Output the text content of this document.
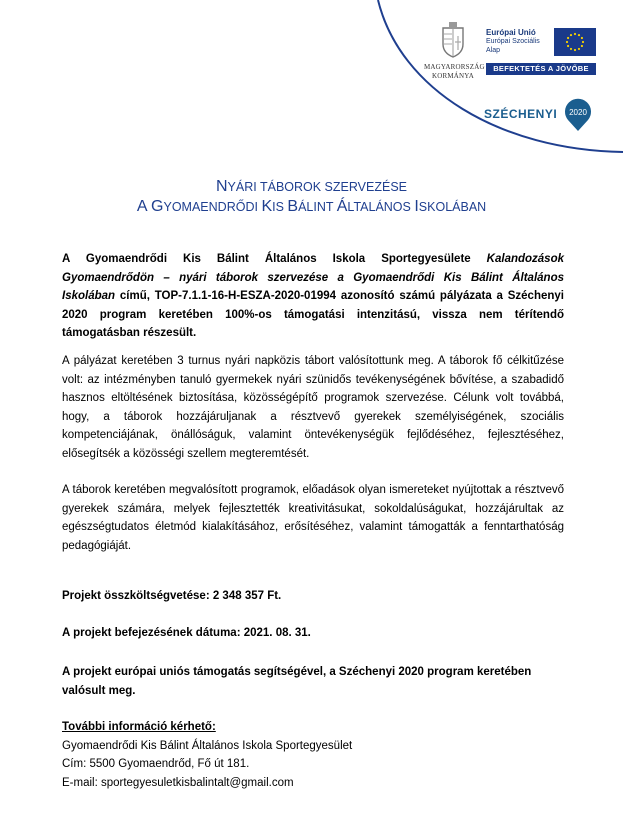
MAGYARORSZÁG
KORMÁNYA
Európai Unió
Európai Szociális
Alap
BEFEKTETÉS A JÖVŐBE
SZÉCHENYI 2020
NYÁRI TÁBOROK SZERVEZÉSE
A GYOMAENDRŐDI KIS BÁLINT ÁLTALÁNOS ISKOLÁBAN
A Gyomaendrődi Kis Bálint Általános Iskola Sportegyesülete Kalandozások Gyomaendrődön – nyári táborok szervezése a Gyomaendrődi Kis Bálint Általános Iskolában című, TOP-7.1.1-16-H-ESZA-2020-01994 azonosító számú pályázata a Széchenyi 2020 program keretében 100%-os támogatási intenzitású, vissza nem térítendő támogatásban részesült.
A pályázat keretében 3 turnus nyári napközis tábort valósítottunk meg. A táborok fő célkitűzése volt: az intézményben tanuló gyermekek nyári szünidős tevékenységének bővítése, a szabadidő hasznos eltöltésének biztosítása, közösségépítő programok szervezése. Célunk volt továbbá, hogy, a táborok hozzájáruljanak a résztvevő gyerekek személyiségének, szociális kompetenciájának, önállóságuk, valamint öntevékenységük fejlődéséhez, fejlesztéséhez, elősegítsék a közösségi szellem megteremtését.
A táborok keretében megvalósított programok, előadások olyan ismereteket nyújtottak a résztvevő gyerekek számára, melyek fejlesztették kreativitásukat, sokoldalúságukat, hozzájárultak az egészségtudatos életmód kialakításához, erősítéséhez, valamint támogatták a fenntarthatóság pedagógiáját.
Projekt összköltségvetése: 2 348 357 Ft.
A projekt befejezésének dátuma: 2021. 08. 31.
A projekt európai uniós támogatás segítségével, a Széchenyi 2020 program keretében valósult meg.
További információ kérhető:
Gyomaendrődi Kis Bálint Általános Iskola Sportegyesület
Cím: 5500 Gyomaendrőd, Fő út 181.
E-mail: sportegyesuletkisbalintalt@gmail.com
